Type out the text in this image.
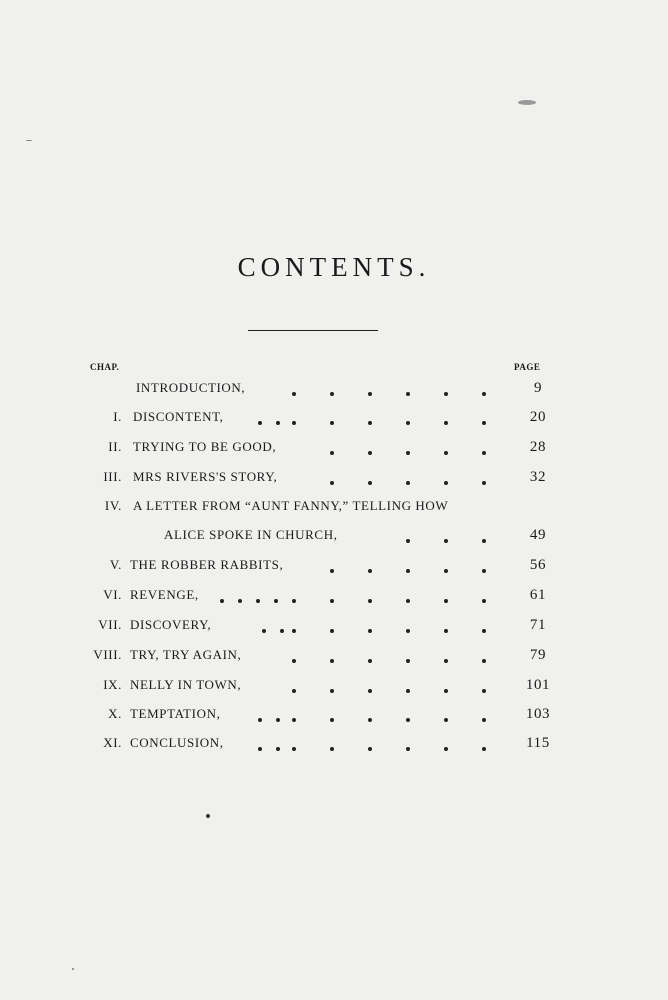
CONTENTS.
CHAP.	PAGE
INTRODUCTION,	9
I. DISCONTENT,	20
II. TRYING TO BE GOOD,	28
III. MRS RIVERS'S STORY,	32
IV. A LETTER FROM “AUNT FANNY,” TELLING HOW
ALICE SPOKE IN CHURCH,	49
V. THE ROBBER RABBITS,	56
VI. REVENGE,	61
VII. DISCOVERY,	71
VIII. TRY, TRY AGAIN,	79
IX. NELLY IN TOWN,	101
X. TEMPTATION,	103
XI. CONCLUSION,	115
